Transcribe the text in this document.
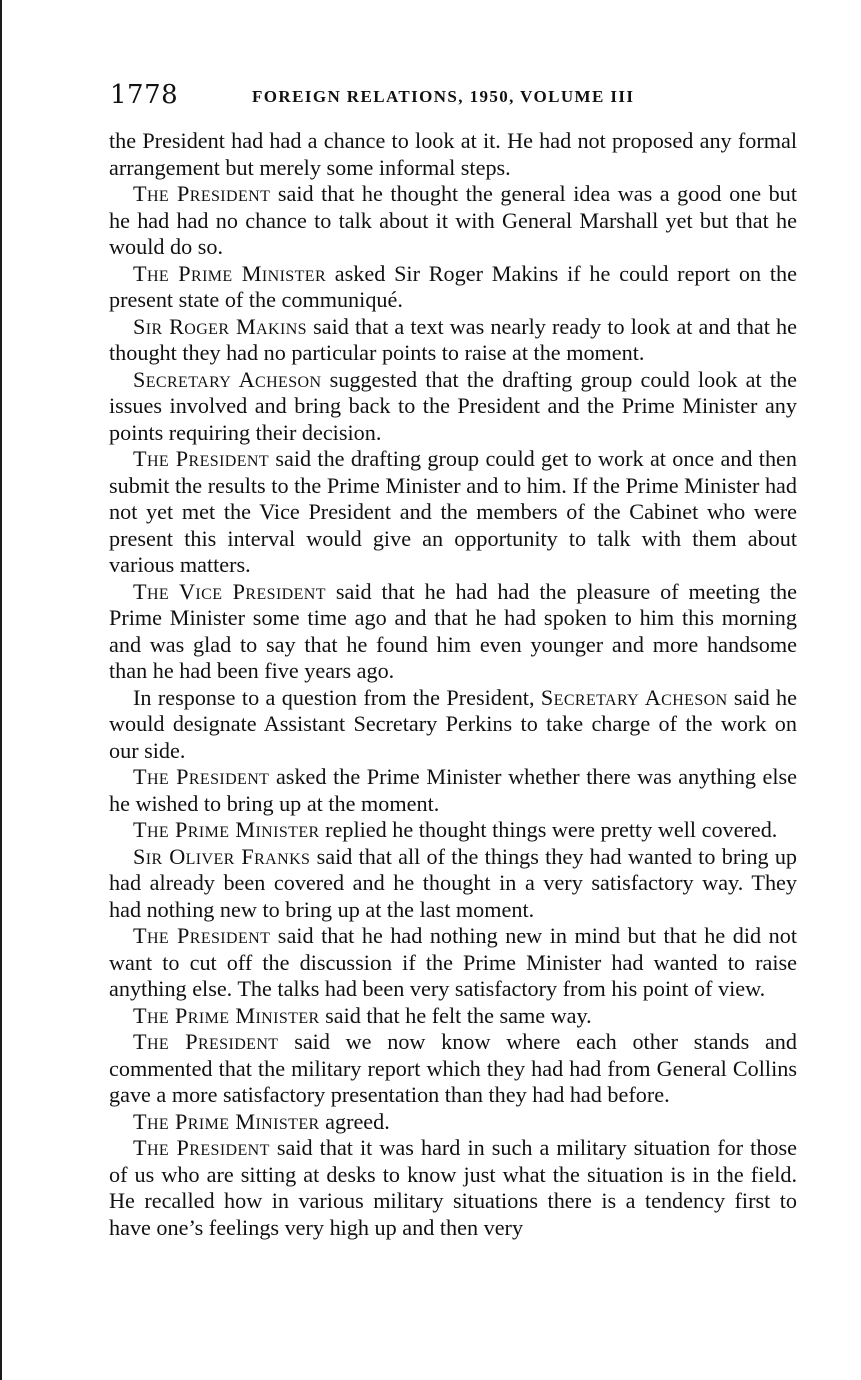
1778	FOREIGN RELATIONS, 1950, VOLUME III

the President had had a chance to look at it. He had not proposed any formal arrangement but merely some informal steps.

The President said that he thought the general idea was a good one but he had had no chance to talk about it with General Marshall yet but that he would do so.

The Prime Minister asked Sir Roger Makins if he could report on the present state of the communiqué.

Sir Roger Makins said that a text was nearly ready to look at and that he thought they had no particular points to raise at the moment.

Secretary Acheson suggested that the drafting group could look at the issues involved and bring back to the President and the Prime Minister any points requiring their decision.

The President said the drafting group could get to work at once and then submit the results to the Prime Minister and to him. If the Prime Minister had not yet met the Vice President and the members of the Cabinet who were present this interval would give an opportunity to talk with them about various matters.

The Vice President said that he had had the pleasure of meeting the Prime Minister some time ago and that he had spoken to him this morning and was glad to say that he found him even younger and more handsome than he had been five years ago.

In response to a question from the President, Secretary Acheson said he would designate Assistant Secretary Perkins to take charge of the work on our side.

The President asked the Prime Minister whether there was anything else he wished to bring up at the moment.

The Prime Minister replied he thought things were pretty well covered.

Sir Oliver Franks said that all of the things they had wanted to bring up had already been covered and he thought in a very satisfactory way. They had nothing new to bring up at the last moment.

The President said that he had nothing new in mind but that he did not want to cut off the discussion if the Prime Minister had wanted to raise anything else. The talks had been very satisfactory from his point of view.

The Prime Minister said that he felt the same way.

The President said we now know where each other stands and commented that the military report which they had had from General Collins gave a more satisfactory presentation than they had had before.

The Prime Minister agreed.

The President said that it was hard in such a military situation for those of us who are sitting at desks to know just what the situation is in the field. He recalled how in various military situations there is a tendency first to have one’s feelings very high up and then very
